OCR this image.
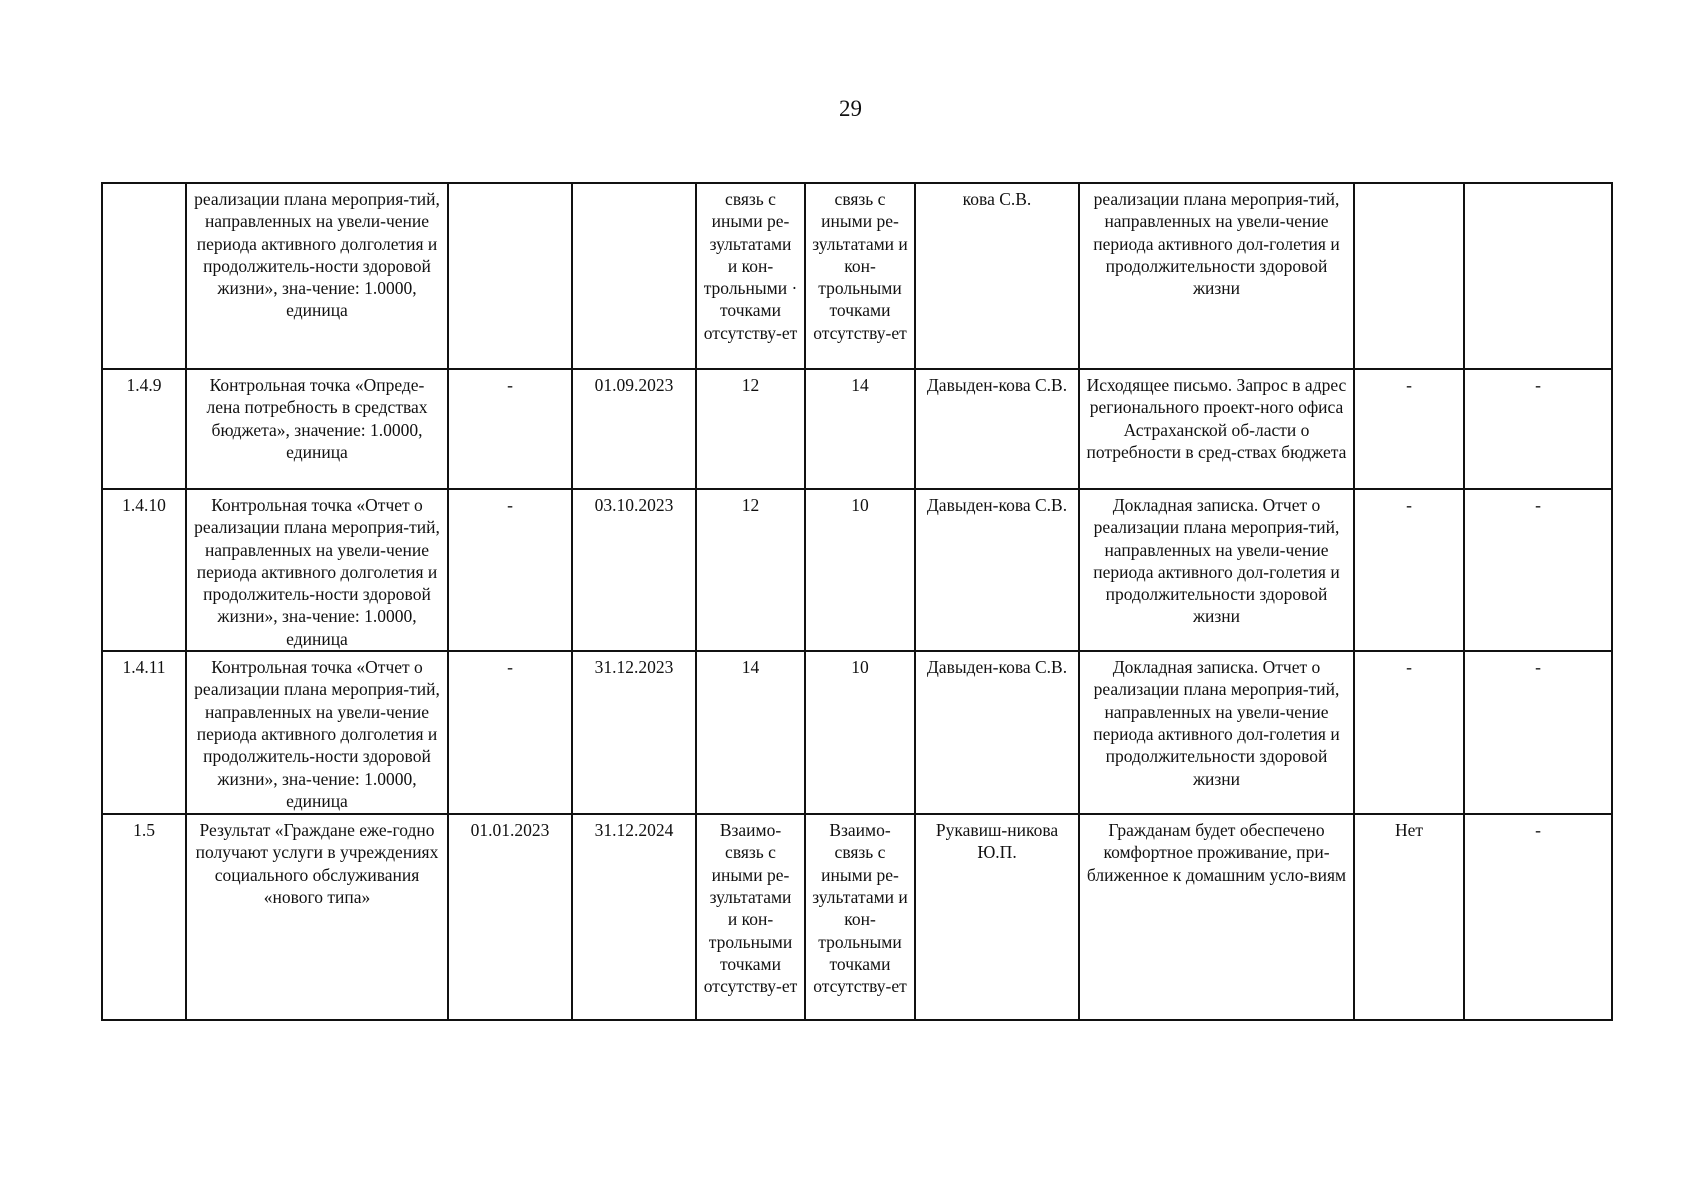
29
	реализации плана мероприя-тий, направленных на увели-чение периода активного долголетия и продолжитель-ности здоровой жизни», зна-чение: 1.0000, единица			связь с иными ре-зультатами и кон-трольными · точками отсутству-ет	связь с иными ре-зультатами и кон-трольными точками отсутству-ет	кова С.В.	реализации плана мероприя-тий, направленных на увели-чение периода активного дол-голетия и продолжительности здоровой жизни		
1.4.9	Контрольная точка «Опреде-лена потребность в средствах бюджета», значение: 1.0000, единица	-	01.09.2023	12	14	Давыден-кова С.В.	Исходящее письмо. Запрос в адрес регионального проект-ного офиса Астраханской об-ласти о потребности в сред-ствах бюджета	-	-
1.4.10	Контрольная точка «Отчет о реализации плана мероприя-тий, направленных на увели-чение периода активного долголетия и продолжитель-ности здоровой жизни», зна-чение: 1.0000, единица	-	03.10.2023	12	10	Давыден-кова С.В.	Докладная записка. Отчет о реализации плана мероприя-тий, направленных на увели-чение периода активного дол-голетия и продолжительности здоровой жизни	-	-
1.4.11	Контрольная точка «Отчет о реализации плана мероприя-тий, направленных на увели-чение периода активного долголетия и продолжитель-ности здоровой жизни», зна-чение: 1.0000, единица	-	31.12.2023	14	10	Давыден-кова С.В.	Докладная записка. Отчет о реализации плана мероприя-тий, направленных на увели-чение периода активного дол-голетия и продолжительности здоровой жизни	-	-
1.5	Результат «Граждане еже-годно получают услуги в учреждениях социального обслуживания «нового типа»	01.01.2023	31.12.2024	Взаимо-связь с иными ре-зультатами и кон-трольными точками отсутству-ет	Взаимо-связь с иными ре-зультатами и кон-трольными точками отсутству-ет	Рукавиш-никова Ю.П.	Гражданам будет обеспечено комфортное проживание, при-ближенное к домашним усло-виям	Нет	-
